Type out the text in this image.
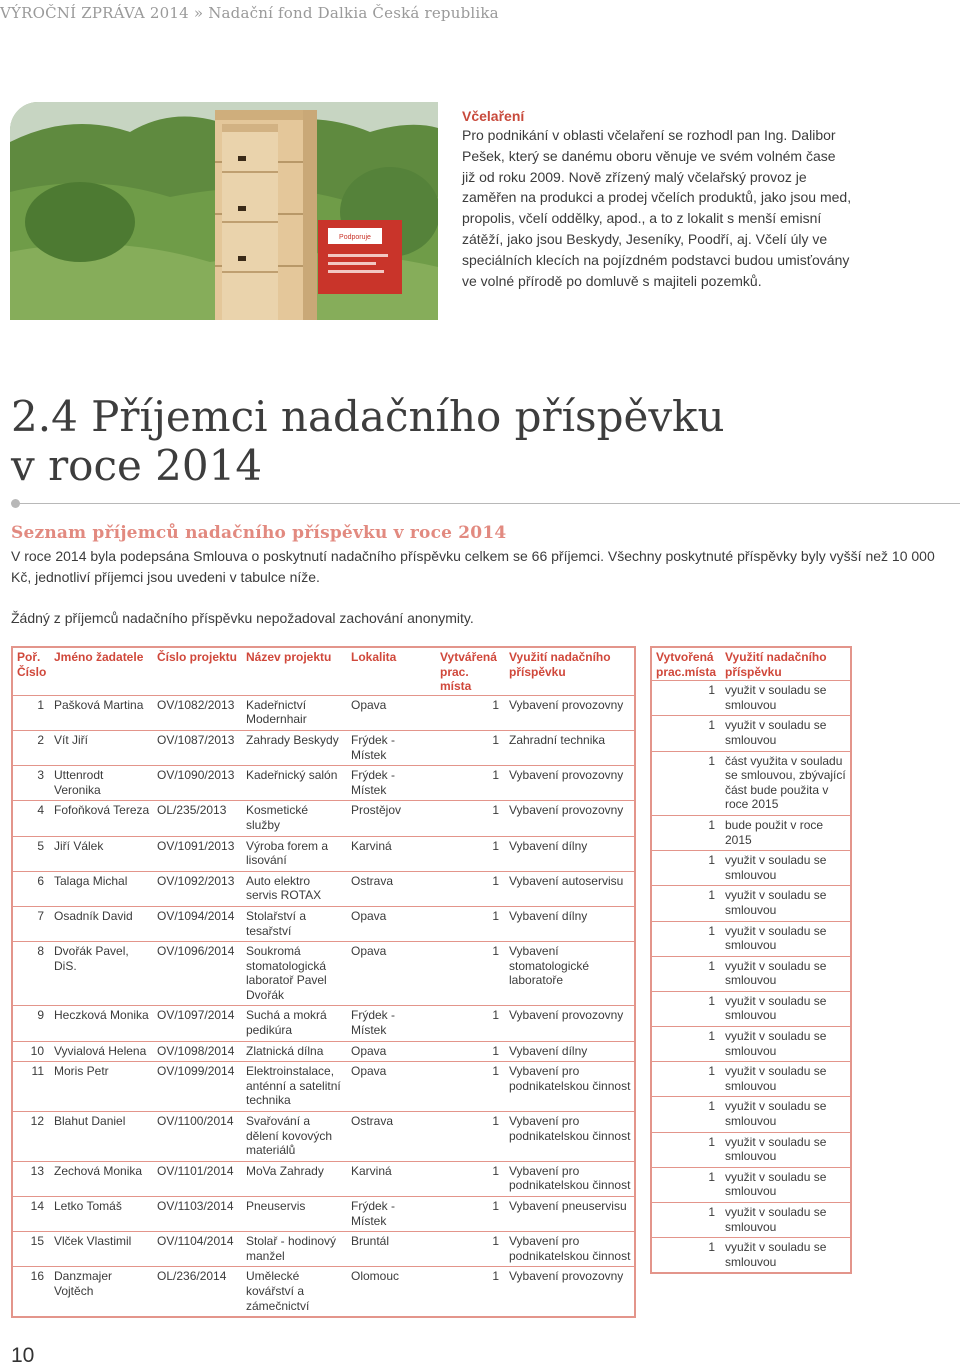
VÝROČNÍ ZPRÁVA 2014 » Nadační fond Dalkia Česká republika
Podporuje
Včelaření

Pro podnikání v oblasti včelaření se rozhodl pan Ing. Dalibor Pešek, který se danému oboru věnuje ve svém volném čase již od roku 2009. Nově zřízený malý včelařský provoz je zaměřen na produkci a prodej včelích produktů, jako jsou med, propolis, včelí oddělky, apod., a to z lokalit s menší emisní zátěží, jako jsou Beskydy, Jeseníky, Poodří, aj. Včelí úly ve speciálních klecích na pojízdném podstavci budou umisťovány ve volné přírodě po domluvě s majiteli pozemků.

2.4 Příjemci nadačního příspěvku
v roce 2014
Seznam příjemců nadačního příspěvku v roce 2014

V roce 2014 byla podepsána Smlouva o poskytnutí nadačního příspěvku celkem se 66 příjemci. Všechny poskytnuté příspěvky byly vyšší než 10 000 Kč, jednotliví příjemci jsou uvedeni v tabulce níže.

Žádný z příjemců nadačního příspěvku nepožadoval zachování anonymity.

Poř. Číslo	Jméno žadatele	Číslo projektu	Název projektu	Lokalita	Vytvářená prac. místa	Využití nadačního příspěvku
1	Pašková Martina	OV/1082/2013	Kadeřnictví Modernhair	Opava	1	Vybavení provozovny
2	Vít Jiří	OV/1087/2013	Zahrady Beskydy	Frýdek - Místek	1	Zahradní technika
3	Uttenrodt Veronika	OV/1090/2013	Kadeřnický salón	Frýdek - Místek	1	Vybavení provozovny
4	Fofoňková Tereza	OL/235/2013	Kosmetické služby	Prostějov	1	Vybavení provozovny
5	Jiří Válek	OV/1091/2013	Výroba forem a lisování	Karviná	1	Vybavení dílny
6	Talaga Michal	OV/1092/2013	Auto elektro servis ROTAX	Ostrava	1	Vybavení autoservisu
7	Osadník David	OV/1094/2014	Stolařství a tesařství	Opava	1	Vybavení dílny
8	Dvořák Pavel, DiS.	OV/1096/2014	Soukromá stomatologická laboratoř Pavel Dvořák	Opava	1	Vybavení stomatologické laboratoře
9	Heczková Monika	OV/1097/2014	Suchá a mokrá pedikúra	Frýdek - Místek	1	Vybavení provozovny
10	Vyvialová Helena	OV/1098/2014	Zlatnická dílna	Opava	1	Vybavení dílny
11	Moris Petr	OV/1099/2014	Elektroinstalace, anténní a satelitní technika	Opava	1	Vybavení pro podnikatelskou činnost
12	Blahut Daniel	OV/1100/2014	Svařování a dělení kovových materiálů	Ostrava	1	Vybavení pro podnikatelskou činnost
13	Zechová Monika	OV/1101/2014	MoVa Zahrady	Karviná	1	Vybavení pro podnikatelskou činnost
14	Letko Tomáš	OV/1103/2014	Pneuservis	Frýdek - Místek	1	Vybavení pneuservisu
15	Vlček Vlastimil	OV/1104/2014	Stolař - hodinový manžel	Bruntál	1	Vybavení pro podnikatelskou činnost
16	Danzmajer Vojtěch	OL/236/2014	Umělecké kovářství a zámečnictví	Olomouc	1	Vybavení provozovny
Vytvořená prac.místa	Využití nadačního příspěvku
1	využit v souladu se smlouvou
1	využit v souladu se smlouvou
1	část využita v souladu se smlouvou, zbývající část bude použita v roce 2015
1	bude použit v roce 2015
1	využit v souladu se smlouvou
1	využit v souladu se smlouvou
1	využit v souladu se smlouvou
1	využit v souladu se smlouvou
1	využit v souladu se smlouvou
1	využit v souladu se smlouvou
1	využit v souladu se smlouvou
1	využit v souladu se smlouvou
1	využit v souladu se smlouvou
1	využit v souladu se smlouvou
1	využit v souladu se smlouvou
1	využit v souladu se smlouvou
10
